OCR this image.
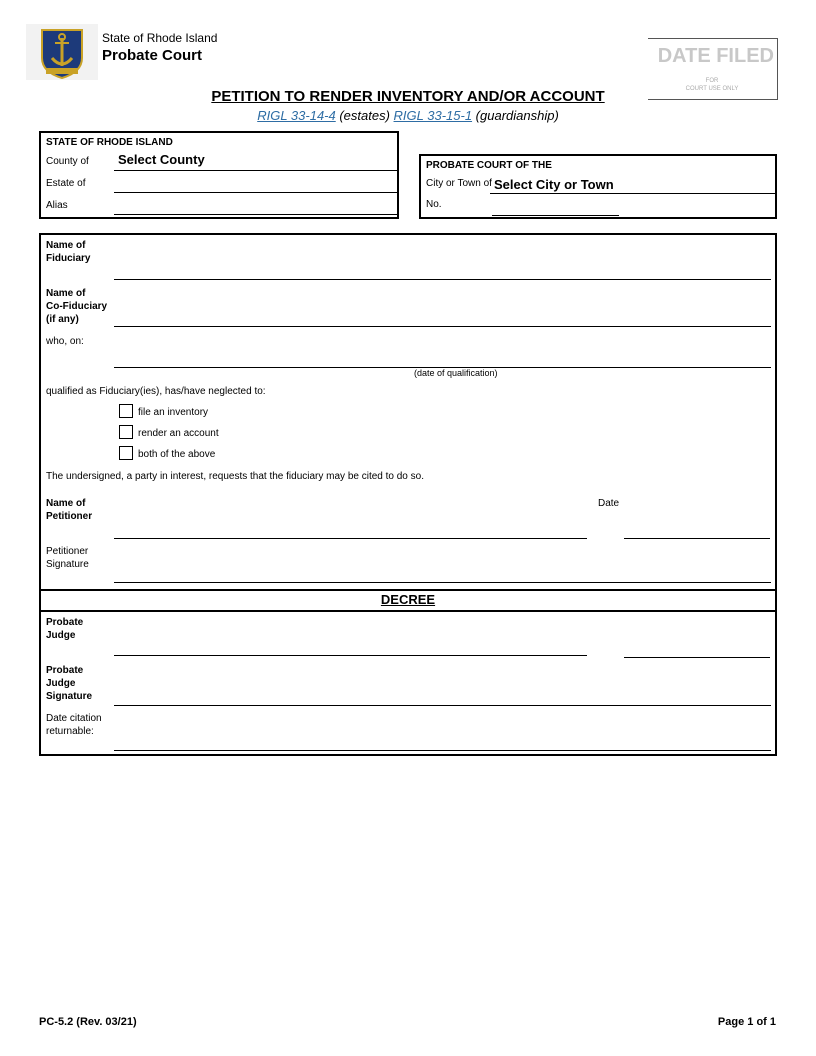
State of Rhode Island
Probate Court	DATE FILED
FOR
COURT USE ONLY
PETITION TO RENDER INVENTORY AND/OR ACCOUNT
RIGL 33-14-4 (estates) RIGL 33-15-1 (guardianship)
STATE OF RHODE ISLAND
County of Select County
Estate of
Alias
PROBATE COURT OF THE
City or Town of Select City or Town
No.
Name of
Fiduciary
Name of
Co-Fiduciary
(if any)
who, on:
(date of qualification)
qualified as Fiduciary(ies), has/have neglected to:
file an inventory
render an account
both of the above
The undersigned, a party in interest, requests that the fiduciary may be cited to do so.
Name of
Petitioner
Date
Petitioner
Signature
DECREE
Probate
Judge
Probate
Judge
Signature
Date citation
returnable:
PC-5.2 (Rev. 03/21)	Page 1 of 1
